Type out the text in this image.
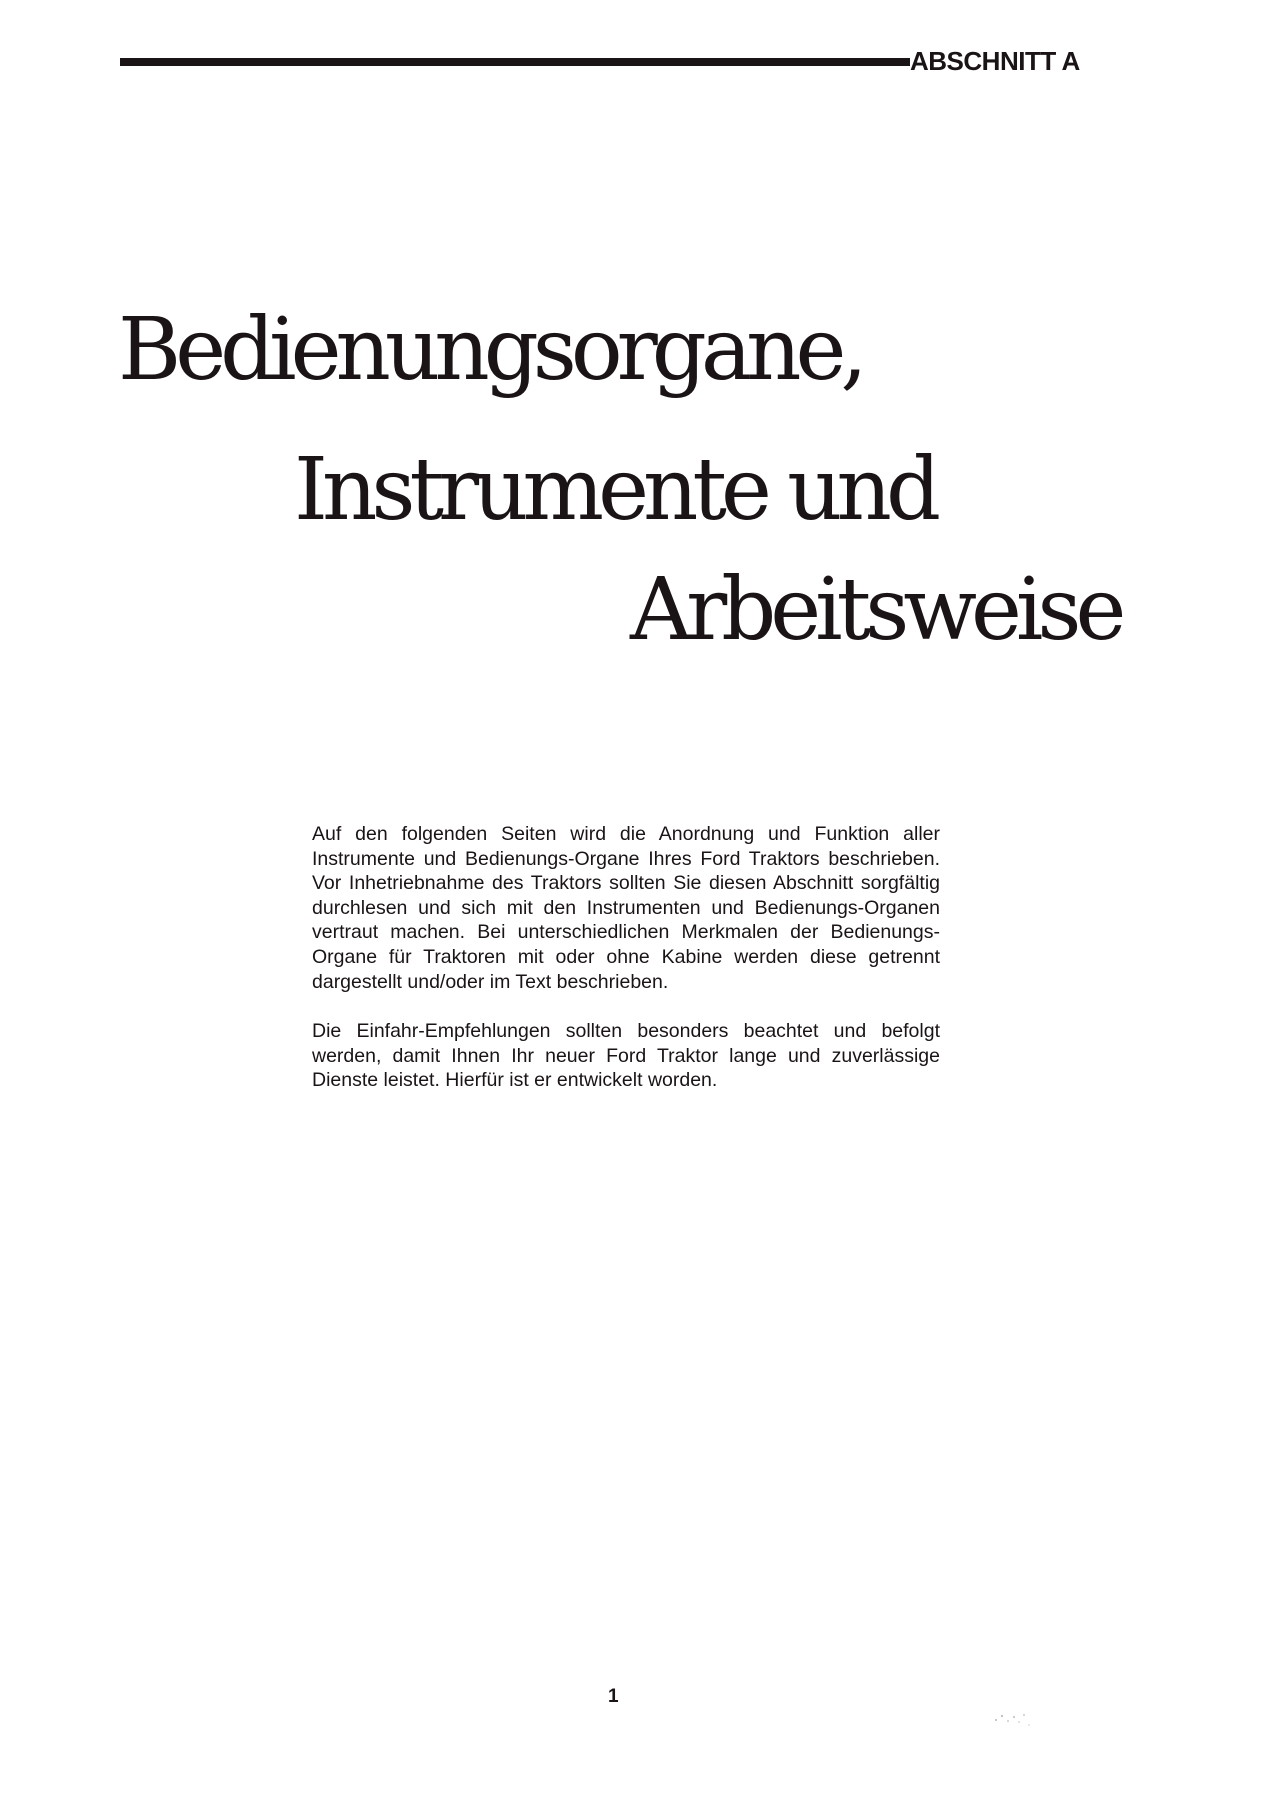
ABSCHNITT A
Bedienungsorgane,
Instrumente und
Arbeitsweise

Auf den folgenden Seiten wird die Anordnung und Funktion aller Instrumente und Bedienungs-Organe Ihres Ford Traktors beschrieben. Vor Inhetriebnahme des Traktors sollten Sie diesen Abschnitt sorgfältig durchlesen und sich mit den Instrumenten und Bedienungs-Organen vertraut machen. Bei unterschiedlichen Merkmalen der Bedienungs-Organe für Traktoren mit oder ohne Kabine werden diese getrennt dargestellt und/oder im Text beschrieben.

Die Einfahr-Empfehlungen sollten besonders beachtet und befolgt werden, damit Ihnen Ihr neuer Ford Traktor lange und zuverlässige Dienste leistet. Hierfür ist er entwickelt worden.

1
